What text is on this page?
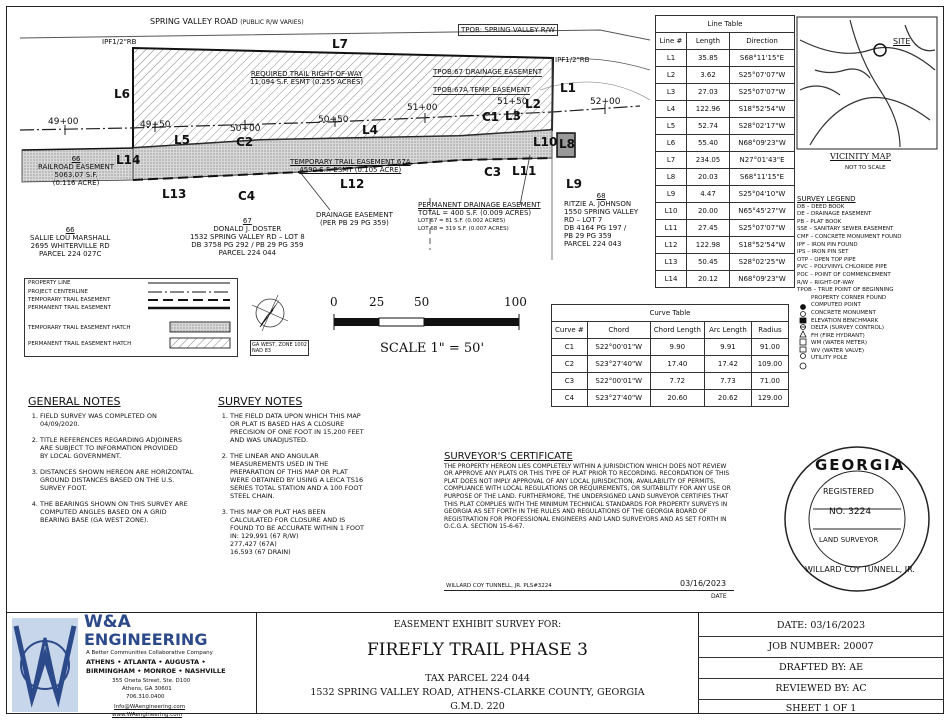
SPRING VALLEY ROAD (PUBLIC R/W VARIES)
TPOB: SPRING VALLEY R/W
TPOB:67 DRAINAGE EASEMENT
TPOB:67A TEMP. EASEMENT
IPF1/2"RB
IPF1/2"RB
49+00	49+50	50+00
50+50
51+00
51+50	52+00
L1
L2
L3
L4
L5
L6
L7
L8
L9
L10
L11
L12
L13
L14
C1
C2
C3
C4
REQUIRED TRAIL RIGHT-OF-WAY
11,094 S.F. ESMT (0.255 ACRES)
TEMPORARY TRAIL EASEMENT 67A
4590 S.F. ESMT (0.105 ACRE)
DRAINAGE EASEMENT
(PER PB 29 PG 359)
PERMANENT DRAINAGE EASEMENT
TOTAL = 400 S.F. (0.009 ACRES)
LOT 67 = 81 S.F. (0.002 ACRES)
LOT 68 = 319 S.F. (0.007 ACRES)
66
RAILROAD EASEMENT
5063.07 S.F.
(0.116 ACRE)
66
SALLIE LOU MARSHALL
2695 WHITERVILLE RD
PARCEL 224 027C
67
DONALD J. DOSTER
1532 SPRING VALLEY RD – LOT 8
DB 3758 PG 292 / PB 29 PG 359
PARCEL 224 044
68
RITZIE A. JOHNSON
1550 SPRING VALLEY
RD – LOT 7
DB 4164 PG 197 /
PB 29 PG 359
PARCEL 224 043
Line Table		
Line #	Length	Direction
L1	35.85	S68°11'15"E
L2	3.62	S25°07'07"W
L3	27.03	S25°07'07"W
L4	122.96	S18°52'54"W
L5	52.74	S28°02'17"W
L6	55.40	N68°09'23"W
L7	234.05	N27°01'43"E
L8	20.03	S68°11'15"E
L9	4.47	S25°04'10"W
L10	20.00	N65°45'27"W
L11	27.45	S25°07'07"W
L12	122.98	S18°52'54"W
L13	50.45	S28°02'25"W
L14	20.12	N68°09'23"W
Curve Table				
Curve #	Chord	Chord Length	Arc Length	Radius
C1	S22°00'01"W	9.90	9.91	91.00
C2	S23°27'40"W	17.40	17.42	109.00
C3	S22°00'01"W	7.72	7.73	71.00
C4	S23°27'40"W	20.60	20.62	129.00
SITE
VICINITY MAP
NOT TO SCALE
SURVEY LEGEND
DB – DEED BOOK
DE – DRAINAGE EASEMENT
PB – PLAT BOOK
SSE – SANITARY SEWER EASEMENT
CMF – CONCRETE MONUMENT FOUND
IPF – IRON PIN FOUND
IPS – IRON PIN SET
OTP – OPEN TOP PIPE
PVC – POLYVINYL CHLORIDE PIPE
POC – POINT OF COMMENCEMENT
R/W – RIGHT-OF-WAY
TPOB – TRUE POINT OF BEGINNING
PROPERTY CORNER FOUND
COMPUTED POINT
CONCRETE MONUMENT
ELEVATION BENCHMARK
DELTA (SURVEY CONTROL)
FH (FIRE HYDRANT)
WM (WATER METER)
WV (WATER VALVE)
UTILITY POLE
PROPERTY LINE
PROJECT CENTERLINE
TEMPORARY TRAIL EASEMENT
PERMANENT TRAIL EASEMENT
TEMPORARY TRAIL EASEMENT HATCH
PERMANENT TRAIL EASEMENT HATCH	GA WEST, ZONE 1002
NAD 83
0	25 50	100
SCALE 1" = 50'
GENERAL NOTES
1. FIELD SURVEY WAS COMPLETED ON
04/09/2020.
2. TITLE REFERENCES REGARDING ADJOINERS
ARE SUBJECT TO INFORMATION PROVIDED
BY LOCAL GOVERNMENT.
3. DISTANCES SHOWN HEREON ARE HORIZONTAL
GROUND DISTANCES BASED ON THE U.S.
SURVEY FOOT.
4. THE BEARINGS SHOWN ON THIS SURVEY ARE
COMPUTED ANGLES BASED ON A GRID
BEARING BASE (GA WEST ZONE).
SURVEY NOTES
1. THE FIELD DATA UPON WHICH THIS MAP
OR PLAT IS BASED HAS A CLOSURE
PRECISION OF ONE FOOT IN 15,200 FEET
AND WAS UNADJUSTED.
2. THE LINEAR AND ANGULAR
MEASUREMENTS USED IN THE
PREPARATION OF THIS MAP OR PLAT
WERE OBTAINED BY USING A LEICA TS16
SERIES TOTAL STATION AND A 100 FOOT
STEEL CHAIN.
3. THIS MAP OR PLAT HAS BEEN
CALCULATED FOR CLOSURE AND IS
FOUND TO BE ACCURATE WITHIN 1 FOOT
IN: 129,991 (67 R/W)
277,427 (67A)
16,593 (67 DRAIN)
SURVEYOR'S CERTIFICATE
THE PROPERTY HEREON LIES COMPLETELY WITHIN A JURISDICTION WHICH DOES NOT REVIEW OR APPROVE ANY PLATS OR THIS TYPE OF PLAT PRIOR TO RECORDING. RECORDATION OF THIS PLAT DOES NOT IMPLY APPROVAL OF ANY LOCAL JURISDICTION, AVAILABILITY OF PERMITS, COMPLIANCE WITH LOCAL REGULATIONS OR REQUIREMENTS, OR SUITABILITY FOR ANY USE OR PURPOSE OF THE LAND. FURTHERMORE, THE UNDERSIGNED LAND SURVEYOR CERTIFIES THAT THIS PLAT COMPLIES WITH THE MINIMUM TECHNICAL STANDARDS FOR PROPERTY SURVEYS IN GEORGIA AS SET FORTH IN THE RULES AND REGULATIONS OF THE GEORGIA BOARD OF REGISTRATION FOR PROFESSIONAL ENGINEERS AND LAND SURVEYORS AND AS SET FORTH IN O.C.G.A. SECTION 15-6-67.
03/16/2023
WILLARD COY TUNNELL, JR. PLS#3224
DATE
GEORGIA
REGISTERED
NO. 3224
LAND SURVEYOR
WILLARD COY TUNNELL, JR.
W&A
ENGINEERING
A Better Communities Collaborative Company
ATHENS • ATLANTA • AUGUSTA •
BIRMINGHAM • MONROE • NASHVILLE
355 Oneta Street, Ste. D100
Athens, GA 30601
706.310.0400
Info@WAengineering.com
www.WAengineering.com
EASEMENT EXHIBIT SURVEY FOR:
FIREFLY TRAIL PHASE 3
TAX PARCEL 224 044
1532 SPRING VALLEY ROAD, ATHENS-CLARKE COUNTY, GEORGIA
G.M.D. 220
DATE: 03/16/2023
JOB NUMBER: 20007
DRAFTED BY: AE
REVIEWED BY: AC
SHEET 1 OF 1
